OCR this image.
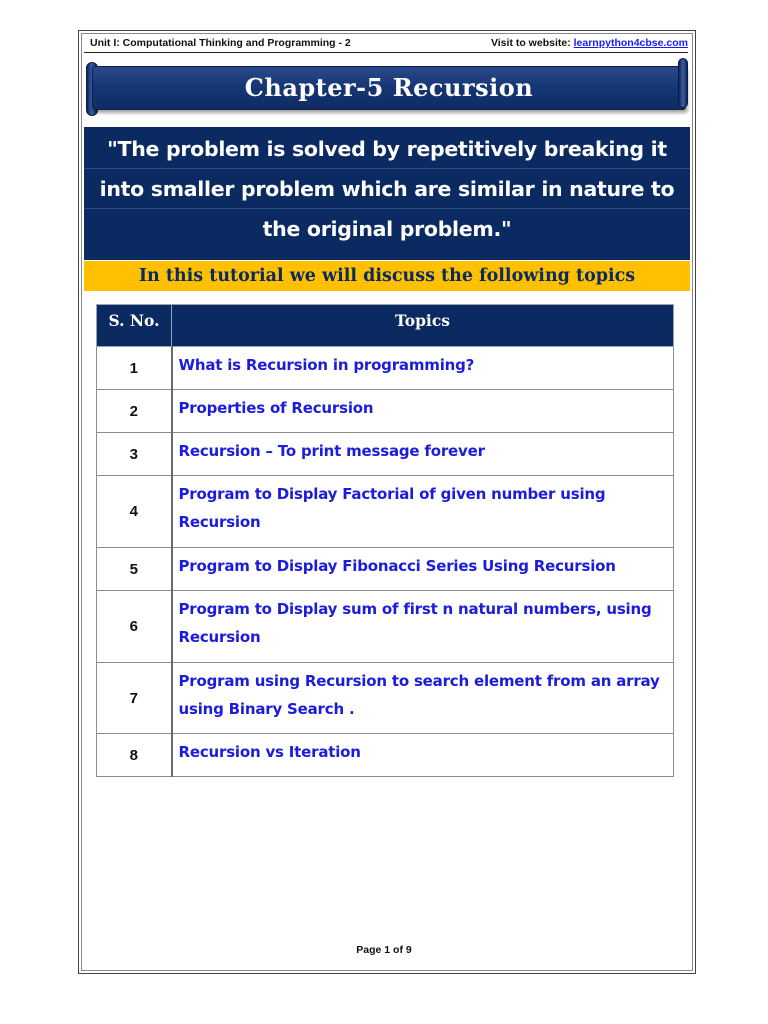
Unit I: Computational Thinking and Programming - 2	Visit to website: learnpython4cbse.com
Chapter-5 Recursion
"The problem is solved by repetitively breaking it
into smaller problem which are similar in nature to
the original problem."
In this tutorial we will discuss the following topics
S. No.	Topics
1	What is Recursion in programming?
2	Properties of Recursion
3	Recursion – To print message forever
4	Program to Display Factorial of given number using Recursion
5	Program to Display Fibonacci Series Using Recursion
6	Program to Display sum of first n natural numbers, using Recursion
7	Program using Recursion to search element from an array using Binary Search .
8	Recursion vs Iteration
Page 1 of 9
